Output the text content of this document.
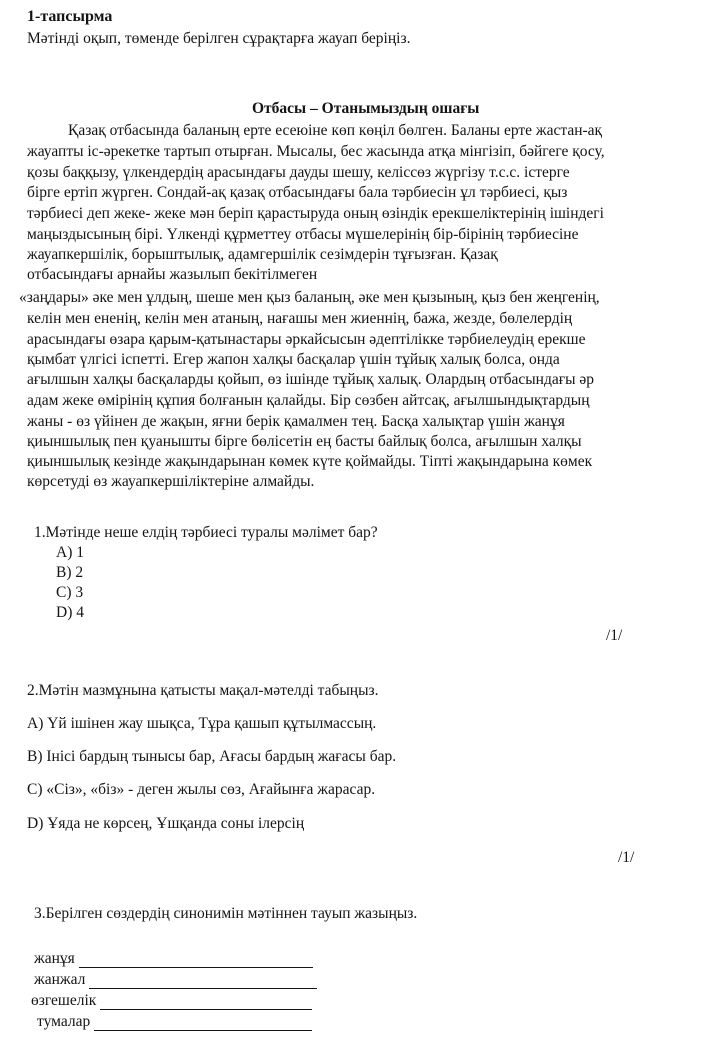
1-тапсырма
Мәтінді оқып, төменде берілген сұрақтарға жауап беріңіз.
Отбасы – Отанымыздың ошағы
Қазақ отбасында баланың ерте есеюіне көп көңіл бөлген. Баланы ерте жастан-ақ
жауапты іс-әрекетке тартып отырған. Мысалы, бес жасында атқа мінгізіп, бәйгеге қосу,
қозы баққызу, үлкендердің арасындағы дауды шешу, келіссөз жүргізу т.с.с. істерге
бірге ертіп жүрген. Сондай-ақ қазақ отбасындағы бала тәрбиесін ұл тәрбиесі, қыз
тәрбиесі деп жеке- жеке мән беріп қарастыруда оның өзіндік ерекшеліктерінің ішіндегі
маңыздысының бірі. Үлкенді құрметтеу отбасы мүшелерінің бір-бірінің тәрбиесіне
жауапкершілік, борыштылық, адамгершілік сезімдерін тұғызған. Қазақ
отбасындағы арнайы жазылып бекітілмеген
«заңдары» әке мен ұлдың, шеше мен қыз баланың, әке мен қызының, қыз бен жеңгенің,
келін мен ененің, келін мен атаның, нағашы мен жиеннің, бажа, жезде, бөлелердің
арасындағы өзара қарым-қатынастары әркайсысын әдептілікке тәрбиелеудің ерекше
қымбат үлгісі іспетті. Егер жапон халқы басқалар үшін тұйық халық болса, онда
ағылшын халқы басқаларды қойып, өз ішінде тұйық халық. Олардың отбасындағы әр
адам жеке өмірінің құпия болғанын қалайды. Бір сөзбен айтсақ, ағылшындықтардың
жаны - өз үйінен де жақын, яғни берік қамалмен тең. Басқа халықтар үшін жанұя
қиыншылық пен қуанышты бірге бөлісетін ең басты байлық болса, ағылшын халқы
қиыншылық кезінде жақындарынан көмек күте қоймайды. Тіпті жақындарына көмек
көрсетуді өз жауапкершіліктеріне алмайды.
1.Мәтінде неше елдің тәрбиесі туралы мәлімет бар?
А) 1
В) 2
С) 3
D) 4
/1/
2.Мәтін мазмұнына қатысты мақал-мәтелді табыңыз.
А) Үй ішінен жау шықса, Тұра қашып құтылмассың.
В) Інісі бардың тынысы бар, Ағасы бардың жағасы бар.
С) «Сіз», «біз» - деген жылы сөз, Ағайынға жарасар.
D) Ұяда не көрсең, Ұшқанда соны ілерсің
/1/
3.Берілген сөздердің синонимін мәтіннен тауып жазыңыз.
жанұя
жанжал
өзгешелік
тумалар
